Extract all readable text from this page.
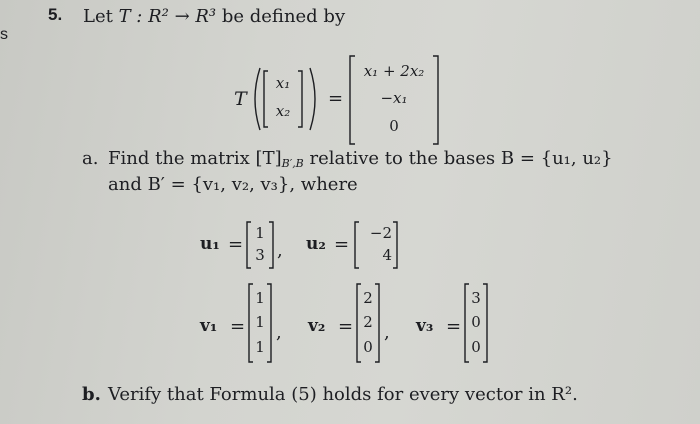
s
5. Let T : R² → R³ be defined by
T
x₁
x₂
=
x₁ + 2x₂
−x₁
0
a. Find the matrix $[T]_{B',B}$ relative to the bases B = {u₁, u₂}
and B′ = {v₁, v₂, v₃}, where
u₁ =
1
3 , u₂ =
−2
4
v₁ =
1
1
1
, v₂ =
2
2
0
, v₃ =
3
0
0
b. Verify that Formula (5) holds for every vector in R².
